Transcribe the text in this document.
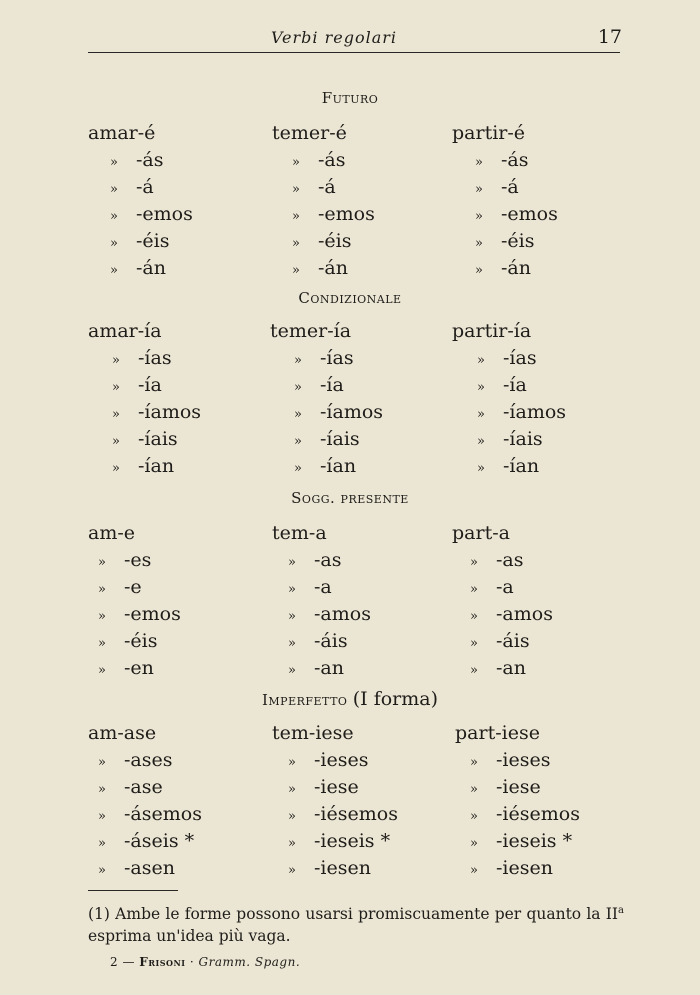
Verbi regolari	17
Futuro
amar-é	temer-é	partir-é
» -ás	» -ás	» -ás
» -á	» -á	» -á
» -emos	» -emos	» -emos
» -éis	» -éis	» -éis
» -án	» -án	» -án
Condizionale
amar-ía	temer-ía	partir-ía
» -ías	» -ías	» -ías
» -ía	» -ía	» -ía
» -íamos	» -íamos	» -íamos
» -íais	» -íais	» -íais
» -ían	» -ían	» -ían
Sogg. presente
am-e	tem-a	part-a
» -es	» -as	» -as
» -e	» -a	» -a
» -emos	» -amos	» -amos
» -éis	» -áis	» -áis
» -en	» -an	» -an
Imperfetto (I forma)
am-ase	tem-iese	part-iese
» -ases	» -ieses	» -ieses
» -ase	» -iese	» -iese
» -ásemos	» -iésemos	» -iésemos
» -áseis *	» -ieseis *	» -ieseis *
» -asen	» -iesen	» -iesen
(1) Ambe le forme possono usarsi promiscuamente per quanto la $II^a$ esprima un'idea più vaga.
2 — Frisoni · Gramm. Spagn.
